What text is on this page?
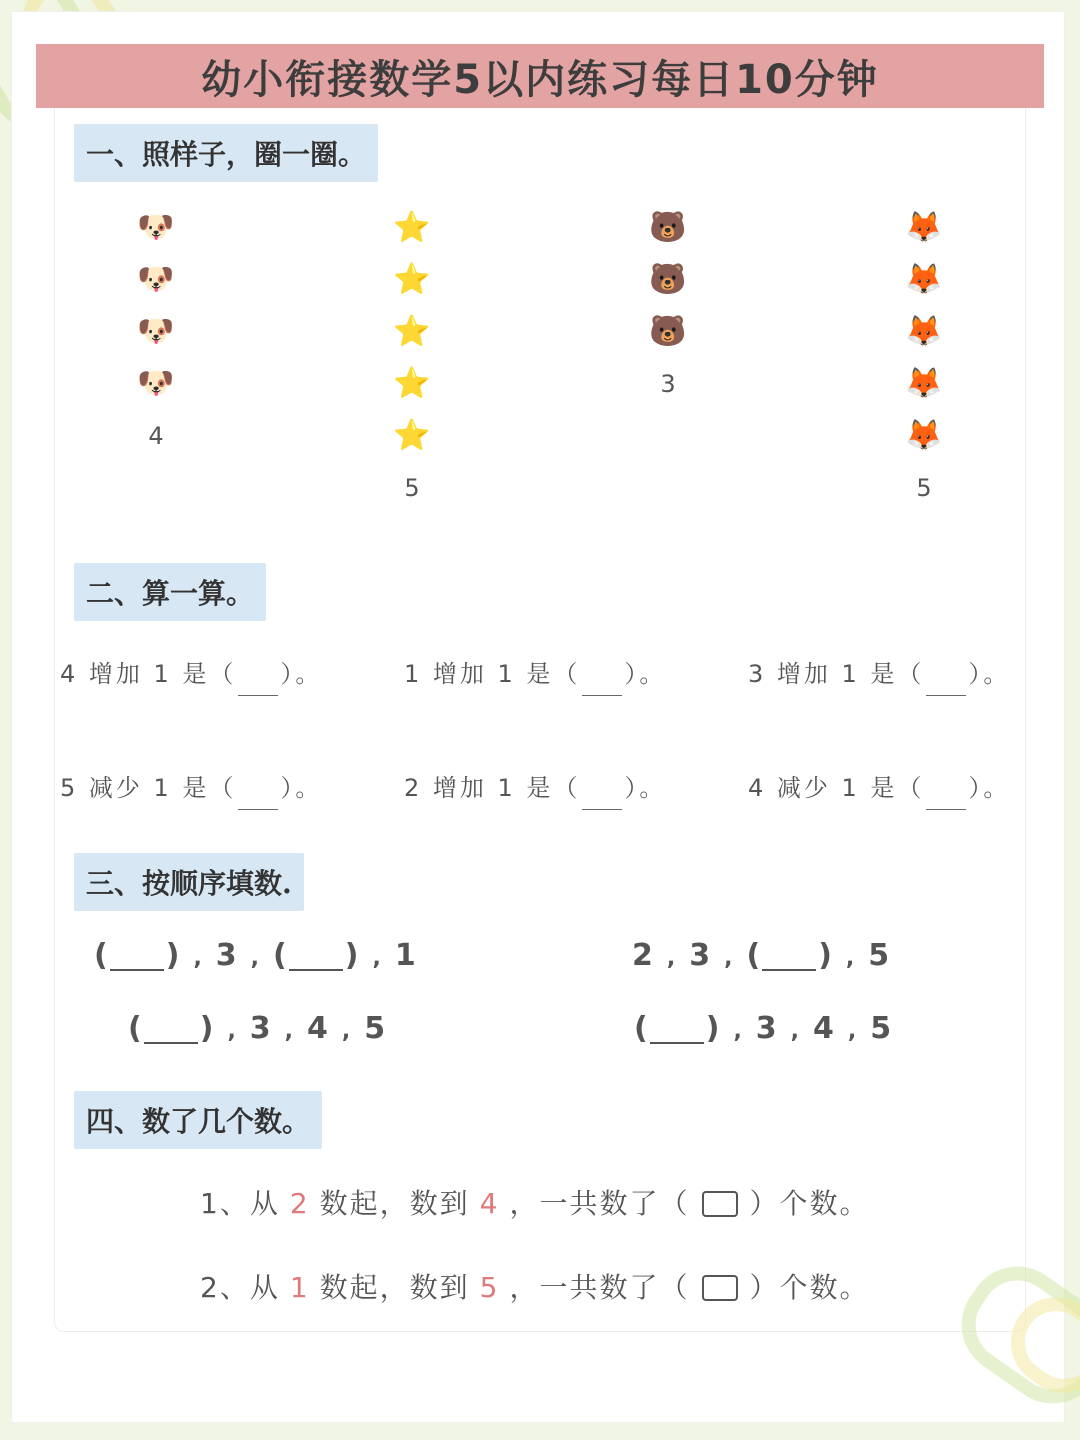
幼小衔接数学5以内练习每日10分钟
一、照样子，圈一圈。
🐶
🐶
🐶
🐶
4
⭐
⭐
⭐
⭐
⭐
5
🐻
🐻
🐻
3
🦊
🦊
🦊
🦊
🦊
5
二、算一算。
4 增加 1 是（ ）。	1 增加 1 是（ ）。	3 增加 1 是（ ）。
5 减少 1 是（ ）。	2 增加 1 是（ ）。	4 减少 1 是（ ）。
三、按顺序填数.
( ) , 3 , ( ) , 1	2 , 3 , ( ) , 5
( ) , 3 , 4 , 5	( ) , 3 , 4 , 5
四、数了几个数。
1、从 2 数起，数到 4 ，一共数了（ ）个数。
2、从 1 数起，数到 5 ，一共数了（ ）个数。
